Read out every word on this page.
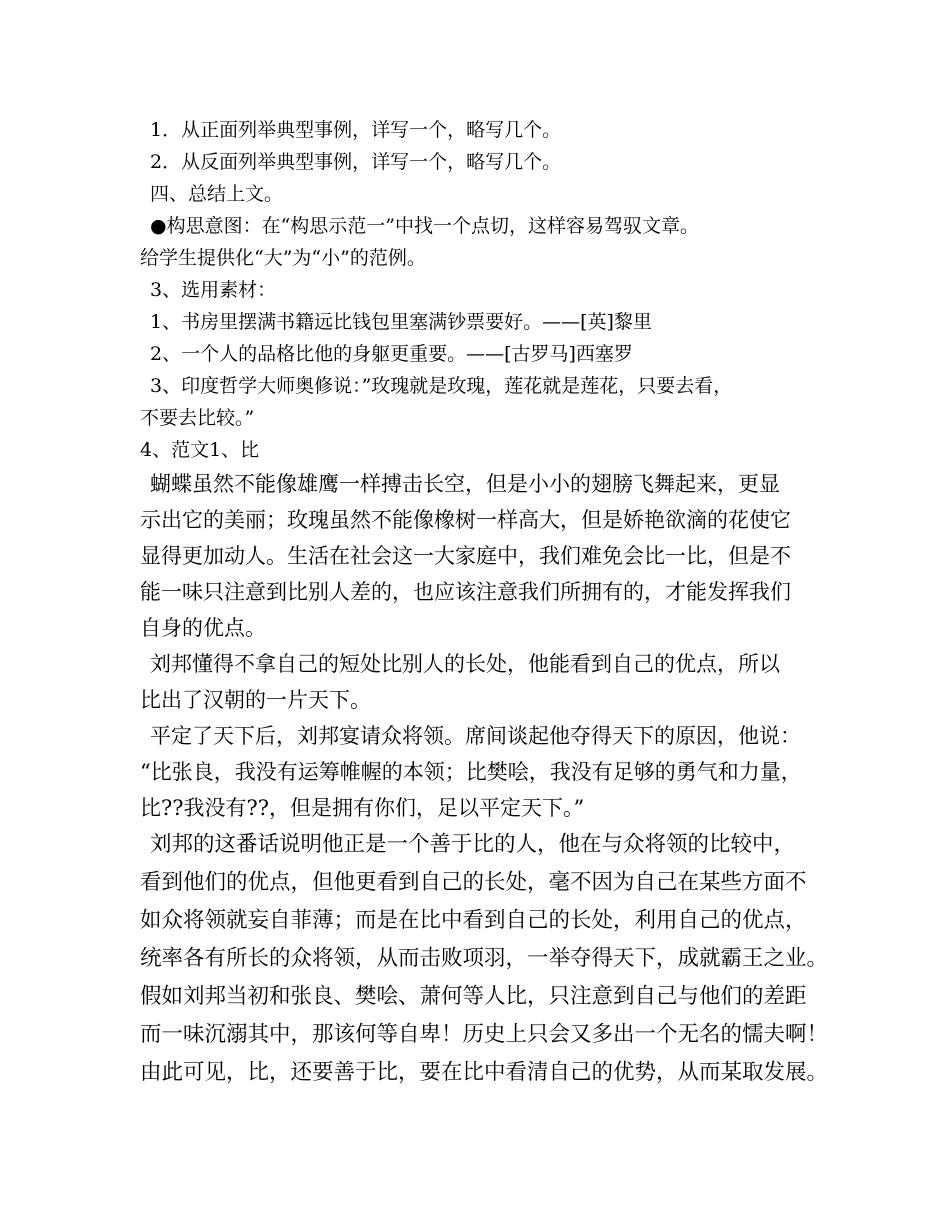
1．从正面列举典型事例，详写一个，略写几个。
2．从反面列举典型事例，详写一个，略写几个。
四、总结上文。
●构思意图：在“构思示范一”中找一个点切，这样容易驾驭文章。
给学生提供化“大”为“小”的范例。
3、选用素材：
1、书房里摆满书籍远比钱包里塞满钞票要好。——[英]黎里
2、一个人的品格比他的身躯更重要。——[古罗马]西塞罗
3、印度哲学大师奥修说：”玫瑰就是玫瑰，莲花就是莲花，只要去看，
不要去比较。”
4、范文1、比
蝴蝶虽然不能像雄鹰一样搏击长空，但是小小的翅膀飞舞起来，更显
示出它的美丽；玫瑰虽然不能像橡树一样高大，但是娇艳欲滴的花使它
显得更加动人。生活在社会这一大家庭中，我们难免会比一比，但是不
能一味只注意到比别人差的，也应该注意我们所拥有的，才能发挥我们
自身的优点。
刘邦懂得不拿自己的短处比别人的长处，他能看到自己的优点，所以
比出了汉朝的一片天下。
平定了天下后，刘邦宴请众将领。席间谈起他夺得天下的原因，他说：
“比张良，我没有运筹帷幄的本领；比樊哙，我没有足够的勇气和力量，
比??我没有??，但是拥有你们，足以平定天下。”
刘邦的这番话说明他正是一个善于比的人，他在与众将领的比较中，
看到他们的优点，但他更看到自己的长处，毫不因为自己在某些方面不
如众将领就妄自菲薄；而是在比中看到自己的长处，利用自己的优点，
统率各有所长的众将领，从而击败项羽，一举夺得天下，成就霸王之业。
假如刘邦当初和张良、樊哙、萧何等人比，只注意到自己与他们的差距
而一味沉溺其中，那该何等自卑！历史上只会又多出一个无名的懦夫啊！
由此可见，比，还要善于比，要在比中看清自己的优势，从而某取发展。
